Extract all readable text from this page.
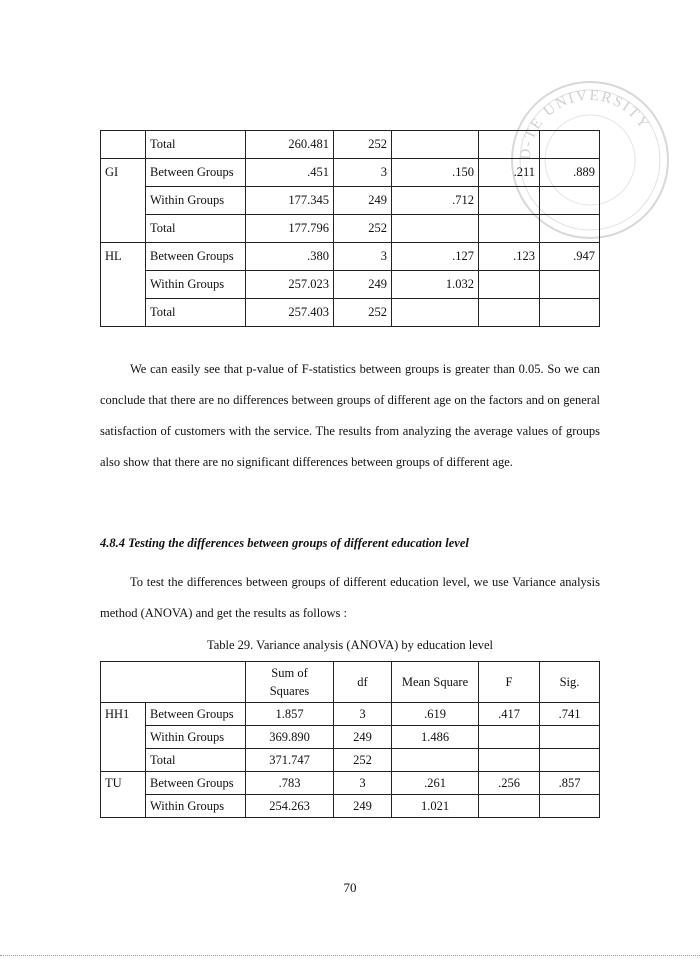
D-TE UNIVERSITY
	Total	260.481	252			
GI	Between Groups	.451	3	.150	.211	.889
	Within Groups	177.345	249	.712		
	Total	177.796	252			
HL	Between Groups	.380	3	.127	.123	.947
	Within Groups	257.023	249	1.032		
	Total	257.403	252			

We can easily see that p-value of F-statistics between groups is greater than 0.05. So we can conclude that there are no differences between groups of different age on the factors and on general satisfaction of customers with the service. The results from analyzing the average values of groups also show that there are no significant differences between groups of different age.

4.8.4 Testing the differences between groups of different education level

To test the differences between groups of different education level, we use Variance analysis method (ANOVA) and get the results as follows :

Table 29. Variance analysis (ANOVA) by education level
		Sum of Squares	df	Mean Square	F	Sig.
HH1	Between Groups	1.857	3	.619	.417	.741
	Within Groups	369.890	249	1.486		
	Total	371.747	252			
TU	Between Groups	.783	3	.261	.256	.857
	Within Groups	254.263	249	1.021		
70
